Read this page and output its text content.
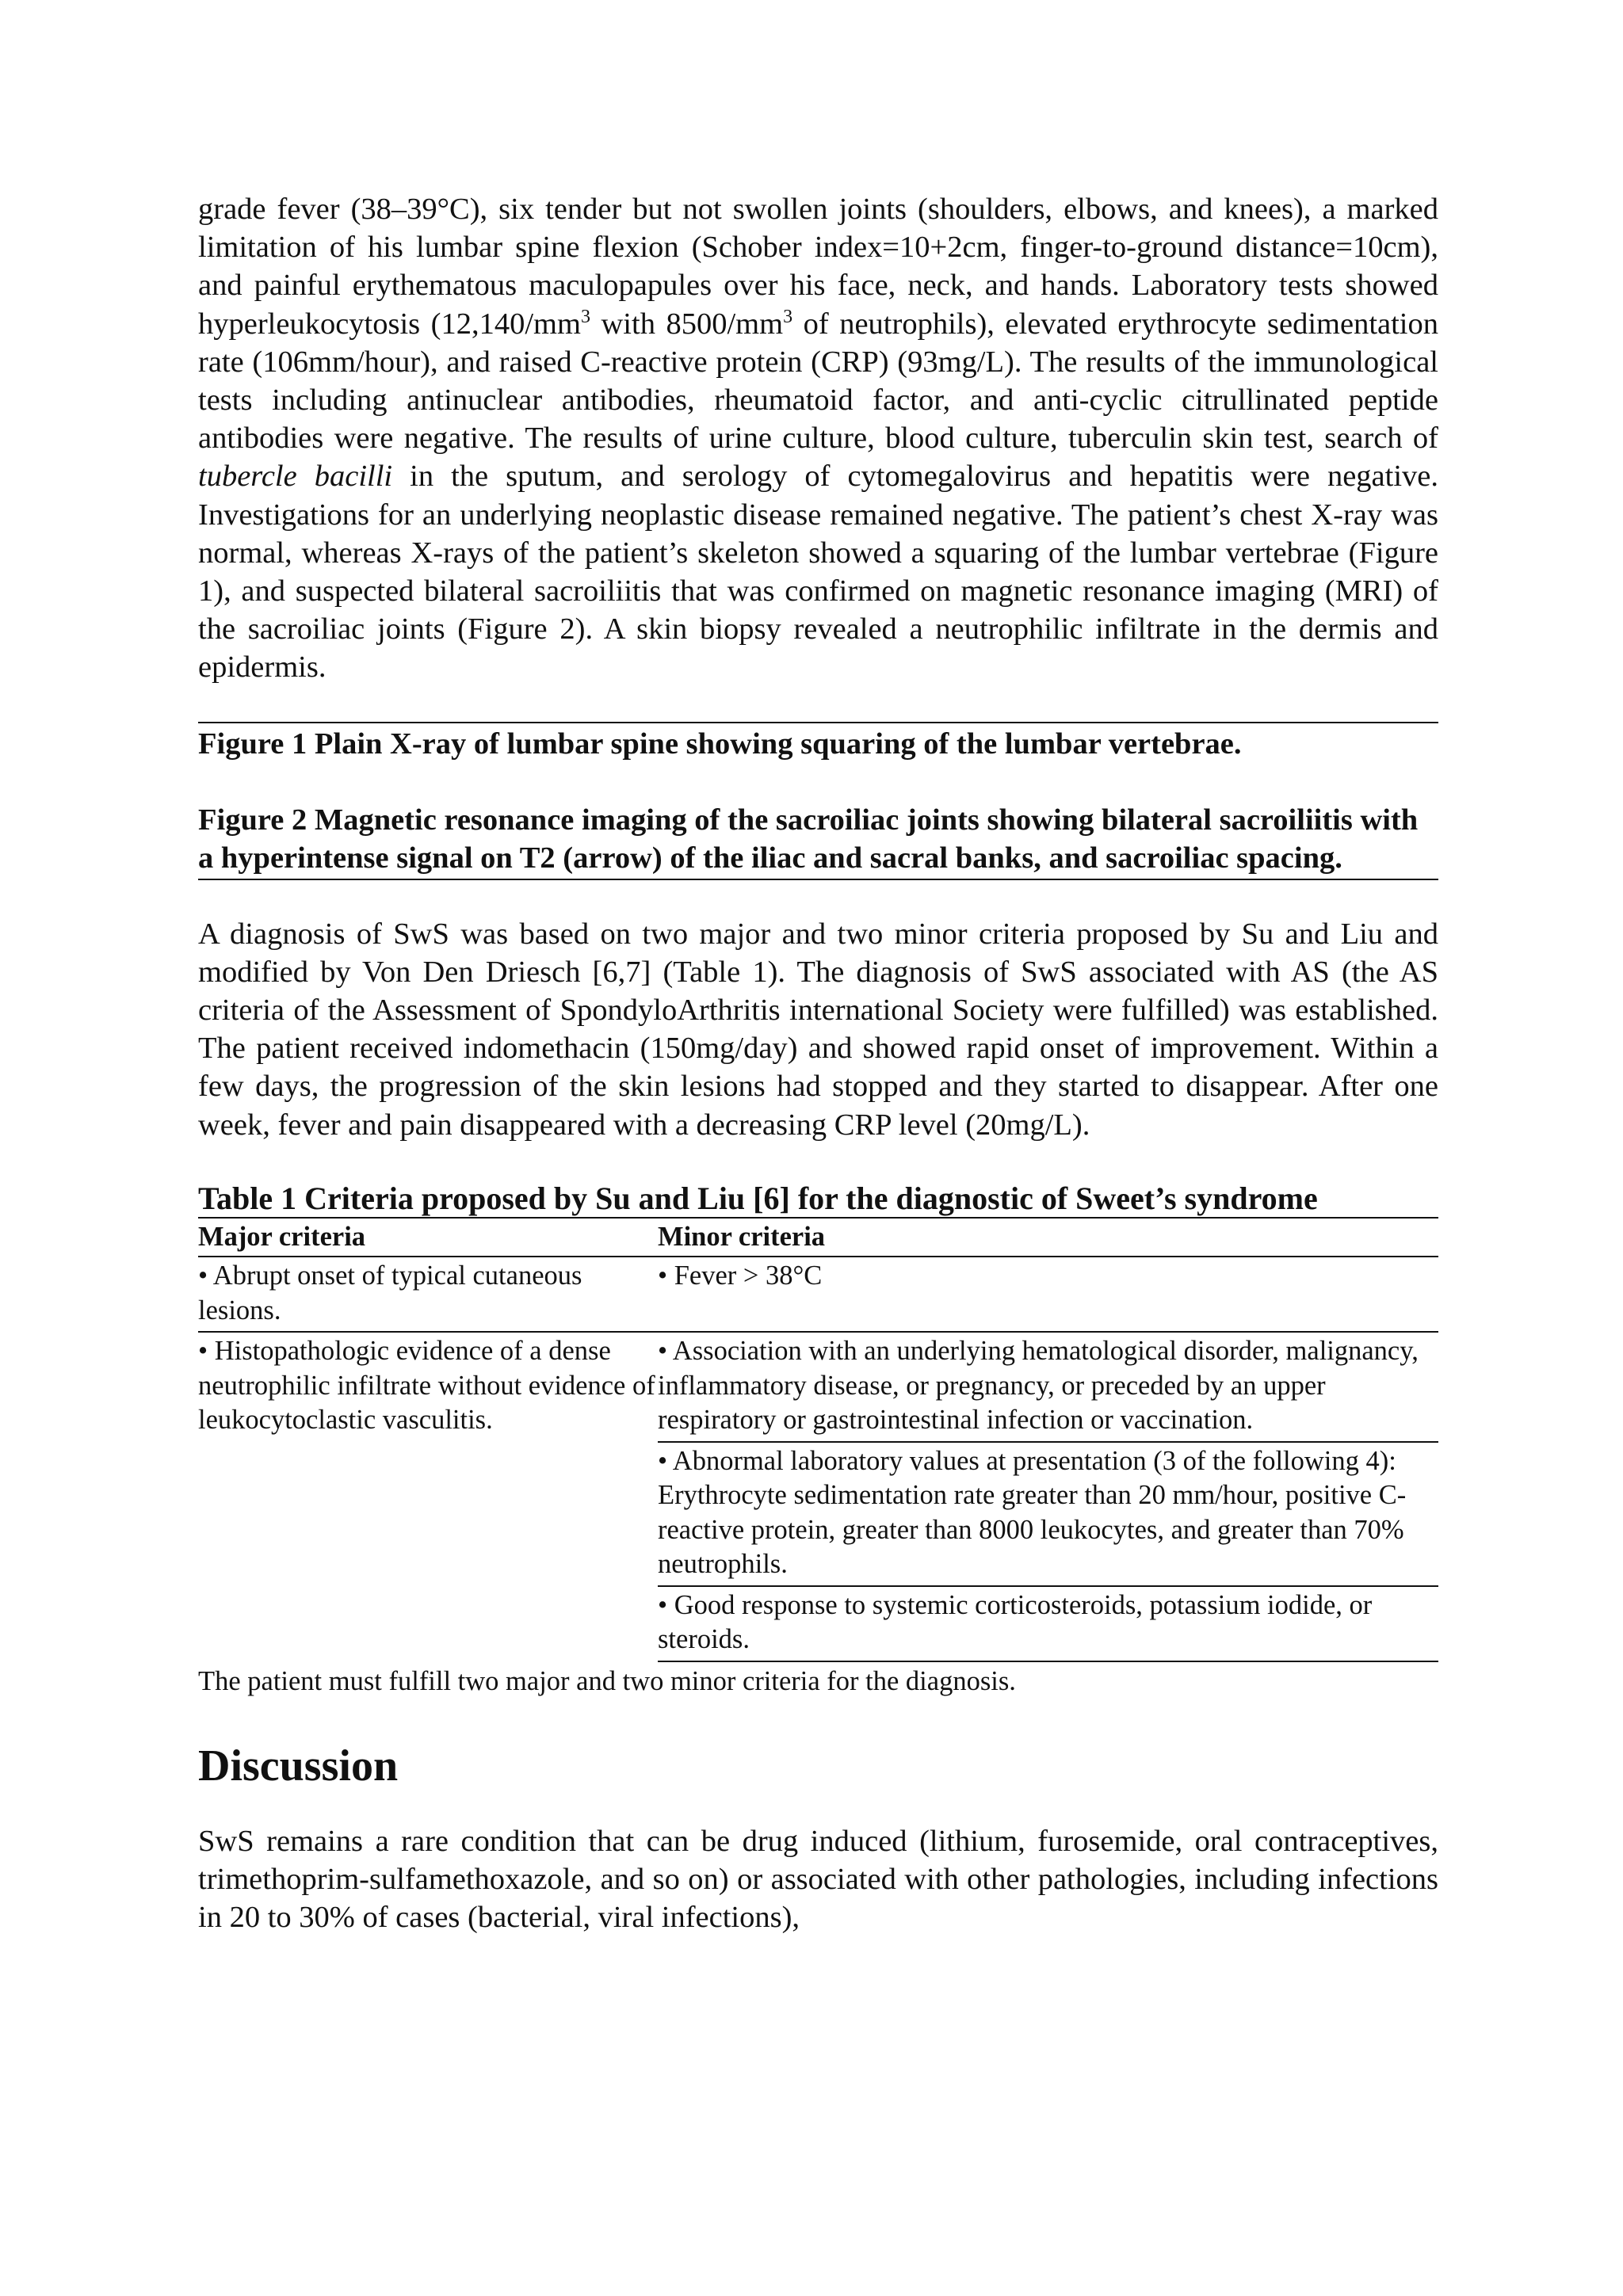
grade fever (38–39°C), six tender but not swollen joints (shoulders, elbows, and knees), a marked limitation of his lumbar spine flexion (Schober index=10+2cm, finger-to-ground distance=10cm), and painful erythematous maculopapules over his face, neck, and hands. Laboratory tests showed hyperleukocytosis ($12,140/mm^3$ with $8500/mm^3$ of neutrophils), elevated erythrocyte sedimentation rate (106mm/hour), and raised C-reactive protein (CRP) (93mg/L). The results of the immunological tests including antinuclear antibodies, rheumatoid factor, and anti-cyclic citrullinated peptide antibodies were negative. The results of urine culture, blood culture, tuberculin skin test, search of tubercle bacilli in the sputum, and serology of cytomegalovirus and hepatitis were negative. Investigations for an underlying neoplastic disease remained negative. The patient’s chest X-ray was normal, whereas X-rays of the patient’s skeleton showed a squaring of the lumbar vertebrae (Figure 1), and suspected bilateral sacroiliitis that was confirmed on magnetic resonance imaging (MRI) of the sacroiliac joints (Figure 2). A skin biopsy revealed a neutrophilic infiltrate in the dermis and epidermis.

Figure 1 Plain X-ray of lumbar spine showing squaring of the lumbar vertebrae.

Figure 2 Magnetic resonance imaging of the sacroiliac joints showing bilateral sacroiliitis with a hyperintense signal on T2 (arrow) of the iliac and sacral banks, and sacroiliac spacing.

A diagnosis of SwS was based on two major and two minor criteria proposed by Su and Liu and modified by Von Den Driesch [6,7] (Table 1). The diagnosis of SwS associated with AS (the AS criteria of the Assessment of SpondyloArthritis international Society were fulfilled) was established. The patient received indomethacin (150mg/day) and showed rapid onset of improvement. Within a few days, the progression of the skin lesions had stopped and they started to disappear. After one week, fever and pain disappeared with a decreasing CRP level (20mg/L).

Table 1 Criteria proposed by Su and Liu [6] for the diagnostic of Sweet’s syndrome
Major criteria	Minor criteria
• Abrupt onset of typical cutaneous lesions.	• Fever > 38°C
• Histopathologic evidence of a dense neutrophilic infiltrate without evidence of leukocytoclastic vasculitis.	• Association with an underlying hematological disorder, malignancy, inflammatory disease, or pregnancy, or preceded by an upper respiratory or gastrointestinal infection or vaccination.
	• Abnormal laboratory values at presentation (3 of the following 4): Erythrocyte sedimentation rate greater than 20 mm/hour, positive C-reactive protein, greater than 8000 leukocytes, and greater than 70% neutrophils.
	• Good response to systemic corticosteroids, potassium iodide, or steroids.

The patient must fulfill two major and two minor criteria for the diagnosis.

Discussion

SwS remains a rare condition that can be drug induced (lithium, furosemide, oral contraceptives, trimethoprim-sulfamethoxazole, and so on) or associated with other pathologies, including infections in 20 to 30% of cases (bacterial, viral infections),
